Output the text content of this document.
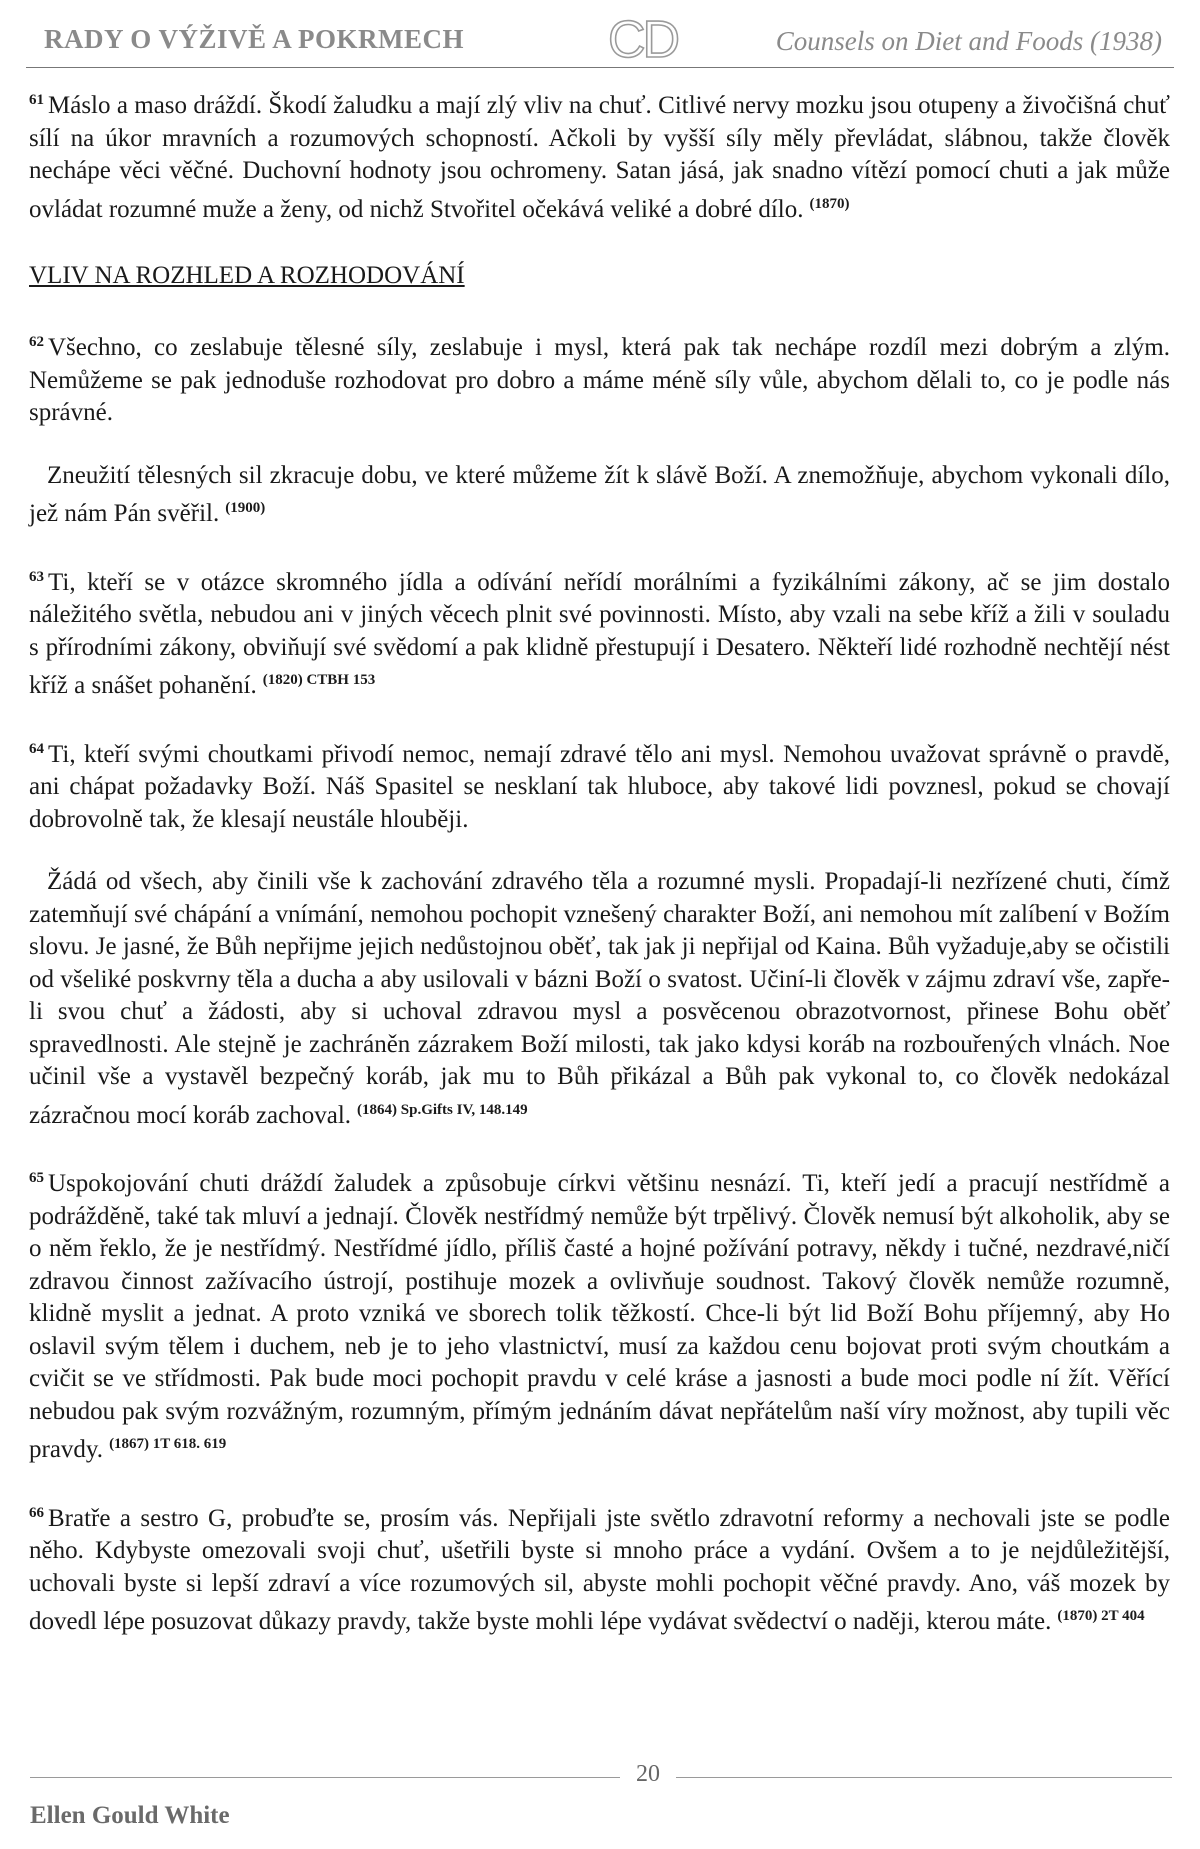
RADY O VÝŽIVĚ A POKRMECH	CD	Counsels on Diet and Foods (1938)

$^{61}$ Máslo a maso dráždí. Škodí žaludku a mají zlý vliv na chuť. Citlivé nervy mozku jsou otupeny a živočišná chuť sílí na úkor mravních a rozumových schopností. Ačkoli by vyšší síly měly převládat, slábnou, takže člověk nechápe věci věčné. Duchovní hodnoty jsou ochromeny. Satan jásá, jak snadno vítězí pomocí chuti a jak může ovládat rozumné muže a ženy, od nichž Stvořitel očekává veliké a dobré dílo. $^{(1870)}$

VLIV NA ROZHLED A ROZHODOVÁNÍ

$^{62}$ Všechno, co zeslabuje tělesné síly, zeslabuje i mysl, která pak tak nechápe rozdíl mezi dobrým a zlým. Nemůžeme se pak jednoduše rozhodovat pro dobro a máme méně síly vůle, abychom dělali to, co je podle nás správné.

Zneužití tělesných sil zkracuje dobu, ve které můžeme žít k slávě Boží. A znemožňuje, abychom vykonali dílo, jež nám Pán svěřil. $^{(1900)}$

$^{63}$ Ti, kteří se v otázce skromného jídla a odívání neřídí morálními a fyzikálními zákony, ač se jim dostalo náležitého světla, nebudou ani v jiných věcech plnit své povinnosti. Místo, aby vzali na sebe kříž a žili v souladu s přírodními zákony, obviňují své svědomí a pak klidně přestupují i Desatero. Někteří lidé rozhodně nechtějí nést kříž a snášet pohanění. $^{(1820) CTBH 153}$

$^{64}$ Ti, kteří svými choutkami přivodí nemoc, nemají zdravé tělo ani mysl. Nemohou uvažovat správně o pravdě, ani chápat požadavky Boží. Náš Spasitel se nesklaní tak hluboce, aby takové lidi povznesl, pokud se chovají dobrovolně tak, že klesají neustále hlouběji.

Žádá od všech, aby činili vše k zachování zdravého těla a rozumné mysli. Propadají-li nezřízené chuti, čímž zatemňují své chápání a vnímání, nemohou pochopit vznešený charakter Boží, ani nemohou mít zalíbení v Božím slovu. Je jasné, že Bůh nepřijme jejich nedůstojnou oběť, tak jak ji nepřijal od Kaina. Bůh vyžaduje,aby se očistili od všeliké poskvrny těla a ducha a aby usilovali v bázni Boží o svatost. Učiní-li člověk v zájmu zdraví vše, zapře-li svou chuť a žádosti, aby si uchoval zdravou mysl a posvěcenou obrazotvornost, přinese Bohu oběť spravedlnosti. Ale stejně je zachráněn zázrakem Boží milosti, tak jako kdysi koráb na rozbouřených vlnách. Noe učinil vše a vystavěl bezpečný koráb, jak mu to Bůh přikázal a Bůh pak vykonal to, co člověk nedokázal zázračnou mocí koráb zachoval. $^{(1864) Sp.Gifts IV, 148.149}$

$^{65}$ Uspokojování chuti dráždí žaludek a způsobuje církvi většinu nesnází. Ti, kteří jedí a pracují nestřídmě a podrážděně, také tak mluví a jednají. Člověk nestřídmý nemůže být trpělivý. Člověk nemusí být alkoholik, aby se o něm řeklo, že je nestřídmý. Nestřídmé jídlo, příliš časté a hojné požívání potravy, někdy i tučné, nezdravé,ničí zdravou činnost zažívacího ústrojí, postihuje mozek a ovlivňuje soudnost. Takový člověk nemůže rozumně, klidně myslit a jednat. A proto vzniká ve sborech tolik těžkostí. Chce-li být lid Boží Bohu příjemný, aby Ho oslavil svým tělem i duchem, neb je to jeho vlastnictví, musí za každou cenu bojovat proti svým choutkám a cvičit se ve střídmosti. Pak bude moci pochopit pravdu v celé kráse a jasnosti a bude moci podle ní žít. Věřící nebudou pak svým rozvážným, rozumným, přímým jednáním dávat nepřátelům naší víry možnost, aby tupili věc pravdy. $^{(1867) 1T 618. 619}$

$^{66}$ Bratře a sestro G, probuďte se, prosím vás. Nepřijali jste světlo zdravotní reformy a nechovali jste se podle něho. Kdybyste omezovali svoji chuť, ušetřili byste si mnoho práce a vydání. Ovšem a to je nejdůležitější, uchovali byste si lepší zdraví a více rozumových sil, abyste mohli pochopit věčné pravdy. Ano, váš mozek by dovedl lépe posuzovat důkazy pravdy, takže byste mohli lépe vydávat svědectví o naději, kterou máte. $^{(1870) 2T 404}$

20
Ellen Gould White
